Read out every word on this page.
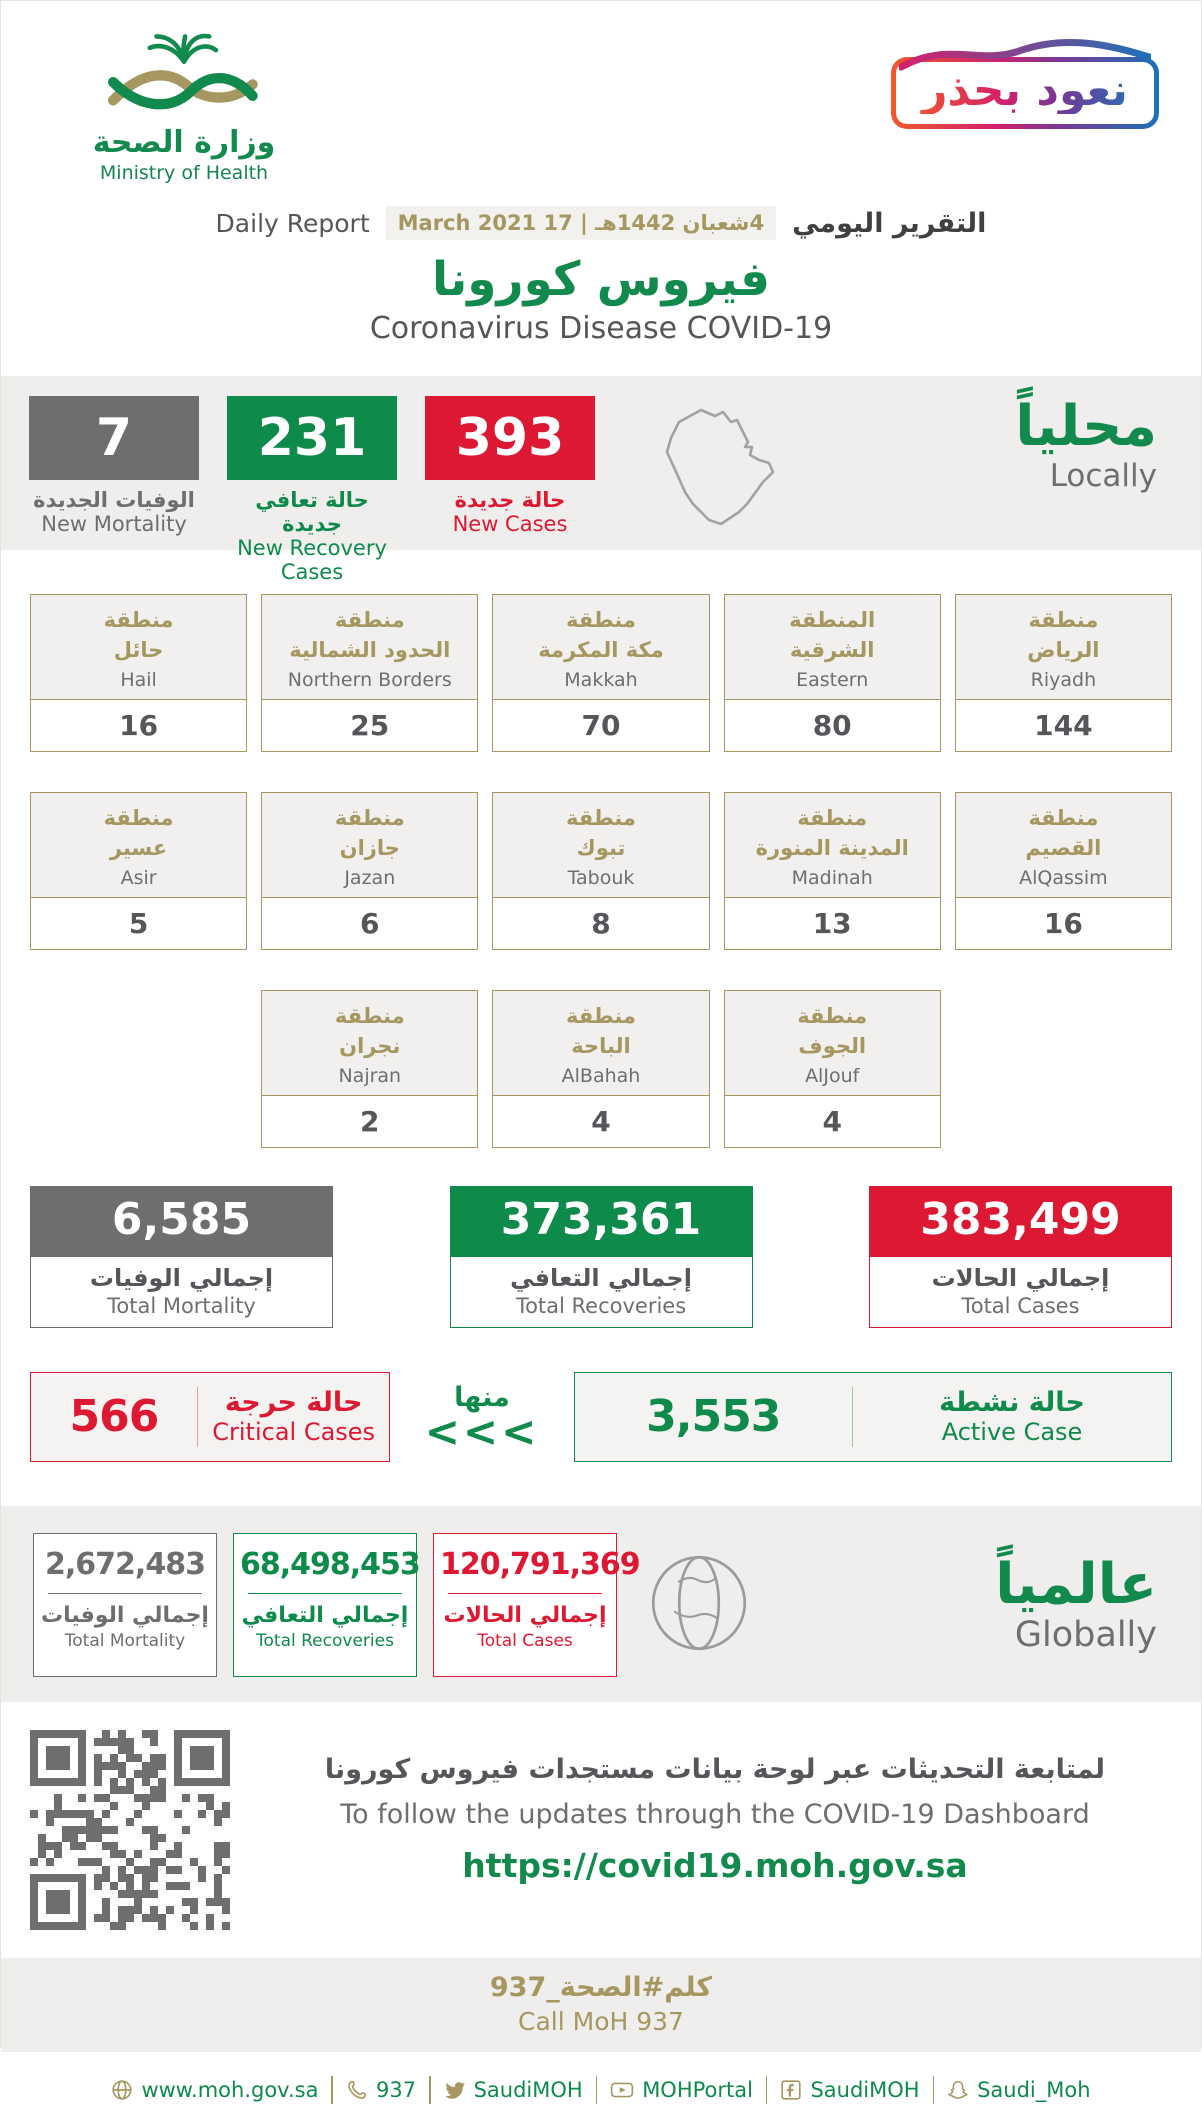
وزارة الصحة
Ministry of Health
نعود بحذر
Daily Report	4شعبان 1442هـ | 17 March 2021	التقرير اليومي
فيروس كورونا
Coronavirus Disease COVID-19
7
الوفيات الجديدة
New Mortality
231
حالة تعافي جديدة
New Recovery Cases
393
حالة جديدة
New Cases
محلياً
Locally
منطقة
حائل
Hail
16
منطقة
الحدود الشمالية
Northern Borders
25
منطقة
مكة المكرمة
Makkah
70
المنطقة
الشرقية
Eastern
80
منطقة
الرياض
Riyadh
144
منطقة
عسير
Asir
5
منطقة
جازان
Jazan
6
منطقة
تبوك
Tabouk
8
منطقة
المدينة المنورة
Madinah
13
منطقة
القصيم
AlQassim
16
منطقة
نجران
Najran
2
منطقة
الباحة
AlBahah
4
منطقة
الجوف
AlJouf
4
6,585
إجمالي الوفيات
Total Mortality
373,361
إجمالي التعافي
Total Recoveries
383,499
إجمالي الحالات
Total Cases
566	حالة حرجة
Critical Cases
منها
<<<	3,553	حالة نشطة
Active Case
2,672,483
إجمالي الوفيات
Total Mortality
68,498,453
إجمالي التعافي
Total Recoveries
120,791,369
إجمالي الحالات
Total Cases
عالمياً
Globally
لمتابعة التحديثات عبر لوحة بيانات مستجدات فيروس كورونا
To follow the updates through the COVID-19 Dashboard
https://covid19.moh.gov.sa
كلم#الصحة_937
Call MoH 937
www.moh.gov.sa	937	SaudiMOH	MOHPortal	SaudiMOH	Saudi_Moh
